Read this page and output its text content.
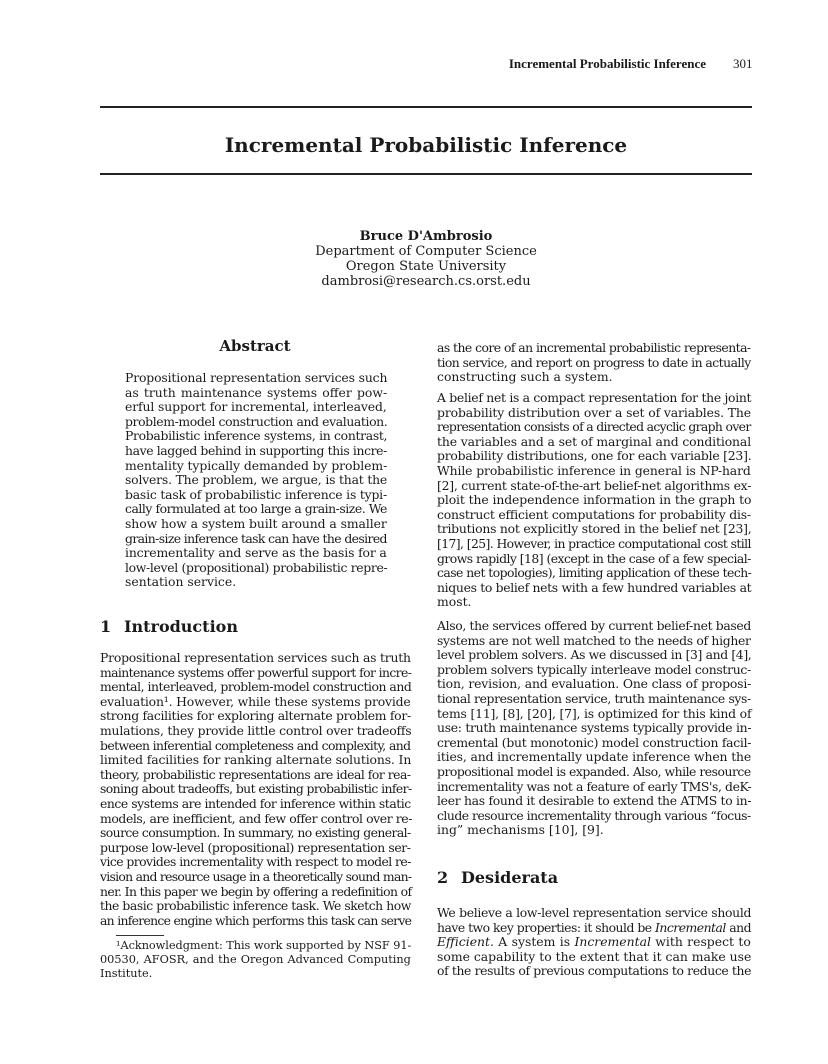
Incremental Probabilistic Inference 301
Incremental Probabilistic Inference
Bruce D'Ambrosio
Department of Computer Science
Oregon State University
dambrosi@research.cs.orst.edu
Abstract
Propositional representation services such
as truth maintenance systems offer pow-
erful support for incremental, interleaved,
problem-model construction and evaluation.
Probabilistic inference systems, in contrast,
have lagged behind in supporting this incre-
mentality typically demanded by problem-
solvers. The problem, we argue, is that the
basic task of probabilistic inference is typi-
cally formulated at too large a grain-size. We
show how a system built around a smaller
grain-size inference task can have the desired
incrementality and serve as the basis for a
low-level (propositional) probabilistic repre-
sentation service.
1 Introduction
Propositional representation services such as truth
maintenance systems offer powerful support for incre-
mental, interleaved, problem-model construction and
evaluation¹. However, while these systems provide
strong facilities for exploring alternate problem for-
mulations, they provide little control over tradeoffs
between inferential completeness and complexity, and
limited facilities for ranking alternate solutions. In
theory, probabilistic representations are ideal for rea-
soning about tradeoffs, but existing probabilistic infer-
ence systems are intended for inference within static
models, are inefficient, and few offer control over re-
source consumption. In summary, no existing general-
purpose low-level (propositional) representation ser-
vice provides incrementality with respect to model re-
vision and resource usage in a theoretically sound man-
ner. In this paper we begin by offering a redefinition of
the basic probabilistic inference task. We sketch how
an inference engine which performs this task can serve
¹Acknowledgment: This work supported by NSF 91-
00530, AFOSR, and the Oregon Advanced Computing
Institute.
as the core of an incremental probabilistic representa-
tion service, and report on progress to date in actually
constructing such a system.
A belief net is a compact representation for the joint
probability distribution over a set of variables. The
representation consists of a directed acyclic graph over
the variables and a set of marginal and conditional
probability distributions, one for each variable [23].
While probabilistic inference in general is NP-hard
[2], current state-of-the-art belief-net algorithms ex-
ploit the independence information in the graph to
construct efficient computations for probability dis-
tributions not explicitly stored in the belief net [23],
[17], [25]. However, in practice computational cost still
grows rapidly [18] (except in the case of a few special-
case net topologies), limiting application of these tech-
niques to belief nets with a few hundred variables at
most.
Also, the services offered by current belief-net based
systems are not well matched to the needs of higher
level problem solvers. As we discussed in [3] and [4],
problem solvers typically interleave model construc-
tion, revision, and evaluation. One class of proposi-
tional representation service, truth maintenance sys-
tems [11], [8], [20], [7], is optimized for this kind of
use: truth maintenance systems typically provide in-
cremental (but monotonic) model construction facil-
ities, and incrementally update inference when the
propositional model is expanded. Also, while resource
incrementality was not a feature of early TMS's, deK-
leer has found it desirable to extend the ATMS to in-
clude resource incrementality through various “focus-
ing” mechanisms [10], [9].
2 Desiderata
We believe a low-level representation service should
have two key properties: it should be Incremental and
Efficient. A system is Incremental with respect to
some capability to the extent that it can make use
of the results of previous computations to reduce the
